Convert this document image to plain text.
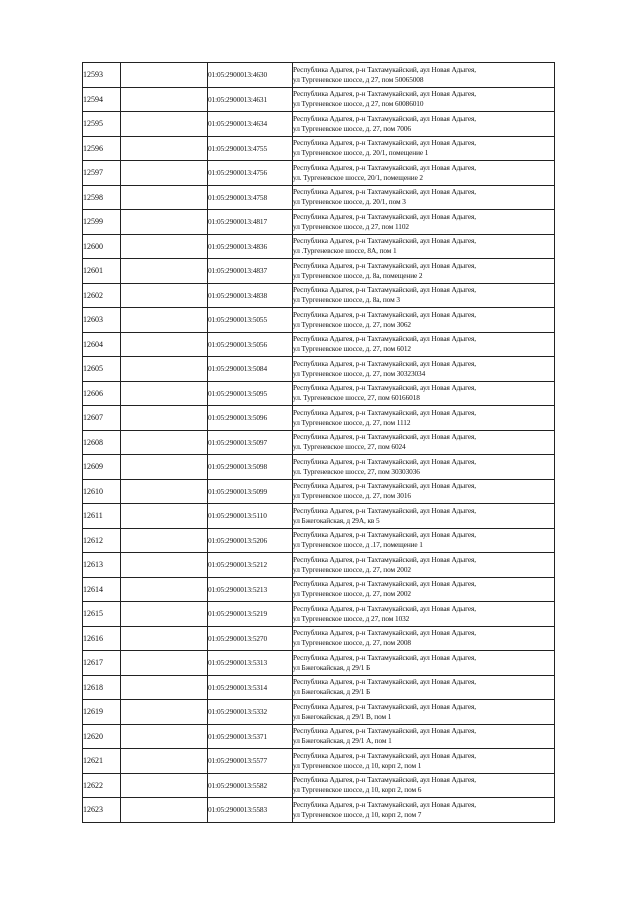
12593		01:05:2900013:4630	Республика Адыгея, р-н Тахтамукайский, аул Новая Адыгея,
ул Тургеневское шоссе, д 27, пом 50065008

12594		01:05:2900013:4631	Республика Адыгея, р-н Тахтамукайский, аул Новая Адыгея,
ул Тургеневское шоссе, д 27, пом 60086010

12595		01:05:2900013:4634	Республика Адыгея, р-н Тахтамукайский, аул Новая Адыгея,
ул Тургеневское шоссе, д. 27, пом 7006

12596		01:05:2900013:4755	Республика Адыгея, р-н Тахтамукайский, аул Новая Адыгея,
ул Тургеневское шоссе, д. 20/1, помещение 1

12597		01:05:2900013:4756	Республика Адыгея, р-н Тахтамукайский, аул Новая Адыгея,
ул. Тургеневское шоссе, 20/1, помещение 2

12598		01:05:2900013:4758	Республика Адыгея, р-н Тахтамукайский, аул Новая Адыгея,
ул Тургеневское шоссе, д. 20/1, пом 3

12599		01:05:2900013:4817	Республика Адыгея, р-н Тахтамукайский, аул Новая Адыгея,
ул Тургеневское шоссе, д 27, пом 1102

12600		01:05:2900013:4836	Республика Адыгея, р-н Тахтамукайский, аул Новая Адыгея,
ул .Тургеневское шоссе, 8А, пом 1

12601		01:05:2900013:4837	Республика Адыгея, р-н Тахтамукайский, аул Новая Адыгея,
ул Тургеневское шоссе, д. 8а, помещение 2

12602		01:05:2900013:4838	Республика Адыгея, р-н Тахтамукайский, аул Новая Адыгея,
ул Тургеневское шоссе, д. 8а, пом 3

12603		01:05:2900013:5055	Республика Адыгея, р-н Тахтамукайский, аул Новая Адыгея,
ул Тургеневское шоссе, д. 27, пом 3062

12604		01:05:2900013:5056	Республика Адыгея, р-н Тахтамукайский, аул Новая Адыгея,
ул Тургеневское шоссе, д. 27, пом 6012

12605		01:05:2900013:5084	Республика Адыгея, р-н Тахтамукайский, аул Новая Адыгея,
ул Тургеневское шоссе, д. 27, пом 30323034

12606		01:05:2900013:5095	Республика Адыгея, р-н Тахтамукайский, аул Новая Адыгея,
ул. Тургеневское шоссе, 27, пом 60166018

12607		01:05:2900013:5096	Республика Адыгея, р-н Тахтамукайский, аул Новая Адыгея,
ул Тургеневское шоссе, д. 27, пом 1112

12608		01:05:2900013:5097	Республика Адыгея, р-н Тахтамукайский, аул Новая Адыгея,
ул. Тургеневское шоссе, 27, пом 6024

12609		01:05:2900013:5098	Республика Адыгея, р-н Тахтамукайский, аул Новая Адыгея,
ул. Тургеневское шоссе, 27, пом 30303036

12610		01:05:2900013:5099	Республика Адыгея, р-н Тахтамукайский, аул Новая Адыгея,
ул Тургеневское шоссе, д. 27, пом 3016

12611		01:05:2900013:5110	Республика Адыгея, р-н Тахтамукайский, аул Новая Адыгея,
ул Бжегокайская, д 29А, кв 5

12612		01:05:2900013:5206	Республика Адыгея, р-н Тахтамукайский, аул Новая Адыгея,
ул Тургеневское шоссе, д .17, помещение 1

12613		01:05:2900013:5212	Республика Адыгея, р-н Тахтамукайский, аул Новая Адыгея,
ул Тургеневское шоссе, д. 27, пом 2002

12614		01:05:2900013:5213	Республика Адыгея, р-н Тахтамукайский, аул Новая Адыгея,
ул Тургеневское шоссе, д. 27, пом 2002

12615		01:05:2900013:5219	Республика Адыгея, р-н Тахтамукайский, аул Новая Адыгея,
ул Тургеневское шоссе, д 27, пом 1032

12616		01:05:2900013:5270	Республика Адыгея, р-н Тахтамукайский, аул Новая Адыгея,
ул Тургеневское шоссе, д. 27, пом 2008

12617		01:05:2900013:5313	Республика Адыгея, р-н Тахтамукайский, аул Новая Адыгея,
ул Бжегокайская, д 29/1 Б

12618		01:05:2900013:5314	Республика Адыгея, р-н Тахтамукайский, аул Новая Адыгея,
ул Бжегокайская, д 29/1 Б

12619		01:05:2900013:5332	Республика Адыгея, р-н Тахтамукайский, аул Новая Адыгея,
ул Бжегокайская, д 29/1 В, пом 1

12620		01:05:2900013:5371	Республика Адыгея, р-н Тахтамукайский, аул Новая Адыгея,
ул Бжегокайская, д 29/1 А, пом 1

12621		01:05:2900013:5577	Республика Адыгея, р-н Тахтамукайский, аул Новая Адыгея,
ул Тургеневское шоссе, д 10, корп 2, пом 1

12622		01:05:2900013:5582	Республика Адыгея, р-н Тахтамукайский, аул Новая Адыгея,
ул Тургеневское шоссе, д 10, корп 2, пом 6

12623		01:05:2900013:5583	Республика Адыгея, р-н Тахтамукайский, аул Новая Адыгея,
ул Тургеневское шоссе, д 10, корп 2, пом 7
